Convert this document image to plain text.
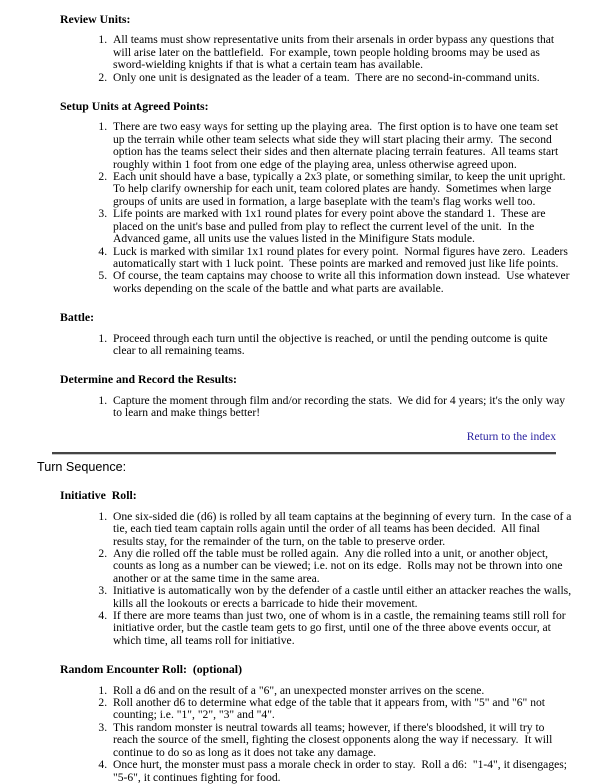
Review Units:
1. All teams must show representative units from their arsenals in order bypass any questions that will arise later on the battlefield.  For example, town people holding brooms may be used as sword-wielding knights if that is what a certain team has available.
2. Only one unit is designated as the leader of a team.  There are no second-in-command units.
Setup Units at Agreed Points:
1. There are two easy ways for setting up the playing area.  The first option is to have one team set up the terrain while other team selects what side they will start placing their army.  The second option has the teams select their sides and then alternate placing terrain features.  All teams start roughly within 1 foot from one edge of the playing area, unless otherwise agreed upon.
2. Each unit should have a base, typically a 2x3 plate, or something similar, to keep the unit upright.  To help clarify ownership for each unit, team colored plates are handy.  Sometimes when large groups of units are used in formation, a large baseplate with the team's flag works well too.
3. Life points are marked with 1x1 round plates for every point above the standard 1.  These are placed on the unit's base and pulled from play to reflect the current level of the unit.  In the Advanced game, all units use the values listed in the Minifigure Stats module.
4. Luck is marked with similar 1x1 round plates for every point.  Normal figures have zero.  Leaders automatically start with 1 luck point.  These points are marked and removed just like life points.
5. Of course, the team captains may choose to write all this information down instead.  Use whatever works depending on the scale of the battle and what parts are available.
Battle:
1. Proceed through each turn until the objective is reached, or until the pending outcome is quite clear to all remaining teams.
Determine and Record the Results:
1. Capture the moment through film and/or recording the stats.  We did for 4 years; it's the only way to learn and make things better!

Return to the index

Turn Sequence:
Initiative  Roll:
1. One six-sided die (d6) is rolled by all team captains at the beginning of every turn.  In the case of a tie, each tied team captain rolls again until the order of all teams has been decided.  All final results stay, for the remainder of the turn, on the table to preserve order.
2. Any die rolled off the table must be rolled again.  Any die rolled into a unit, or another object, counts as long as a number can be viewed; i.e. not on its edge.  Rolls may not be thrown into one another or at the same time in the same area.
3. Initiative is automatically won by the defender of a castle until either an attacker reaches the walls, kills all the lookouts or erects a barricade to hide their movement.
4. If there are more teams than just two, one of whom is in a castle, the remaining teams still roll for initiative order, but the castle team gets to go first, until one of the three above events occur, at which time, all teams roll for initiative.
Random Encounter Roll:  (optional)
1. Roll a d6 and on the result of a "6", an unexpected monster arrives on the scene.
2. Roll another d6 to determine what edge of the table that it appears from, with "5" and "6" not counting; i.e. "1", "2", "3" and "4".
3. This random monster is neutral towards all teams; however, if there's bloodshed, it will try to reach the source of the smell, fighting the closest opponents along the way if necessary.  It will continue to do so as long as it does not take any damage.
4. Once hurt, the monster must pass a morale check in order to stay.  Roll a d6:  "1-4", it disengages; "5-6", it continues fighting for food.
